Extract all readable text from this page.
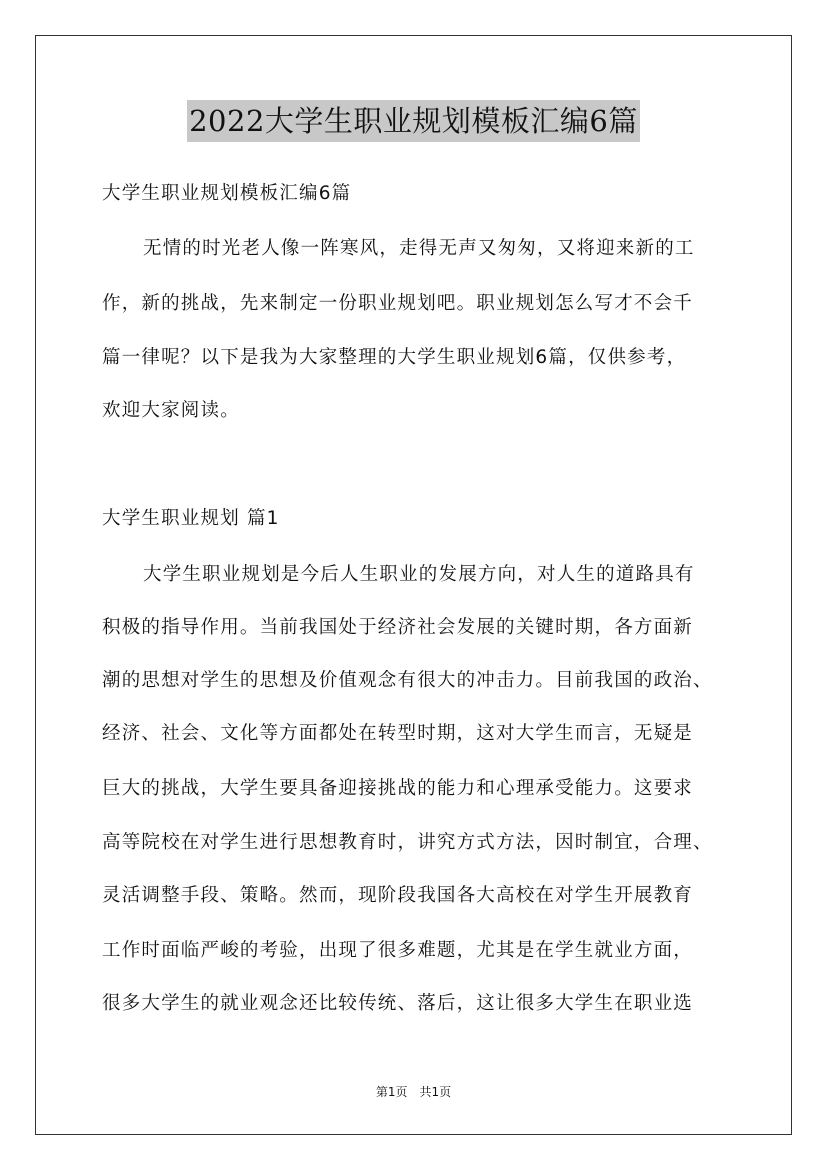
2022大学生职业规划模板汇编6篇
大学生职业规划模板汇编6篇
无情的时光老人像一阵寒风，走得无声又匆匆，又将迎来新的工
作，新的挑战，先来制定一份职业规划吧。职业规划怎么写才不会千
篇一律呢？以下是我为大家整理的大学生职业规划6篇，仅供参考，
欢迎大家阅读。
大学生职业规划 篇1
大学生职业规划是今后人生职业的发展方向，对人生的道路具有
积极的指导作用。当前我国处于经济社会发展的关键时期，各方面新
潮的思想对学生的思想及价值观念有很大的冲击力。目前我国的政治、
经济、社会、文化等方面都处在转型时期，这对大学生而言，无疑是
巨大的挑战，大学生要具备迎接挑战的能力和心理承受能力。这要求
高等院校在对学生进行思想教育时，讲究方式方法，因时制宜，合理、
灵活调整手段、策略。然而，现阶段我国各大高校在对学生开展教育
工作时面临严峻的考验，出现了很多难题，尤其是在学生就业方面，
很多大学生的就业观念还比较传统、落后，这让很多大学生在职业选
第1页　共1页
